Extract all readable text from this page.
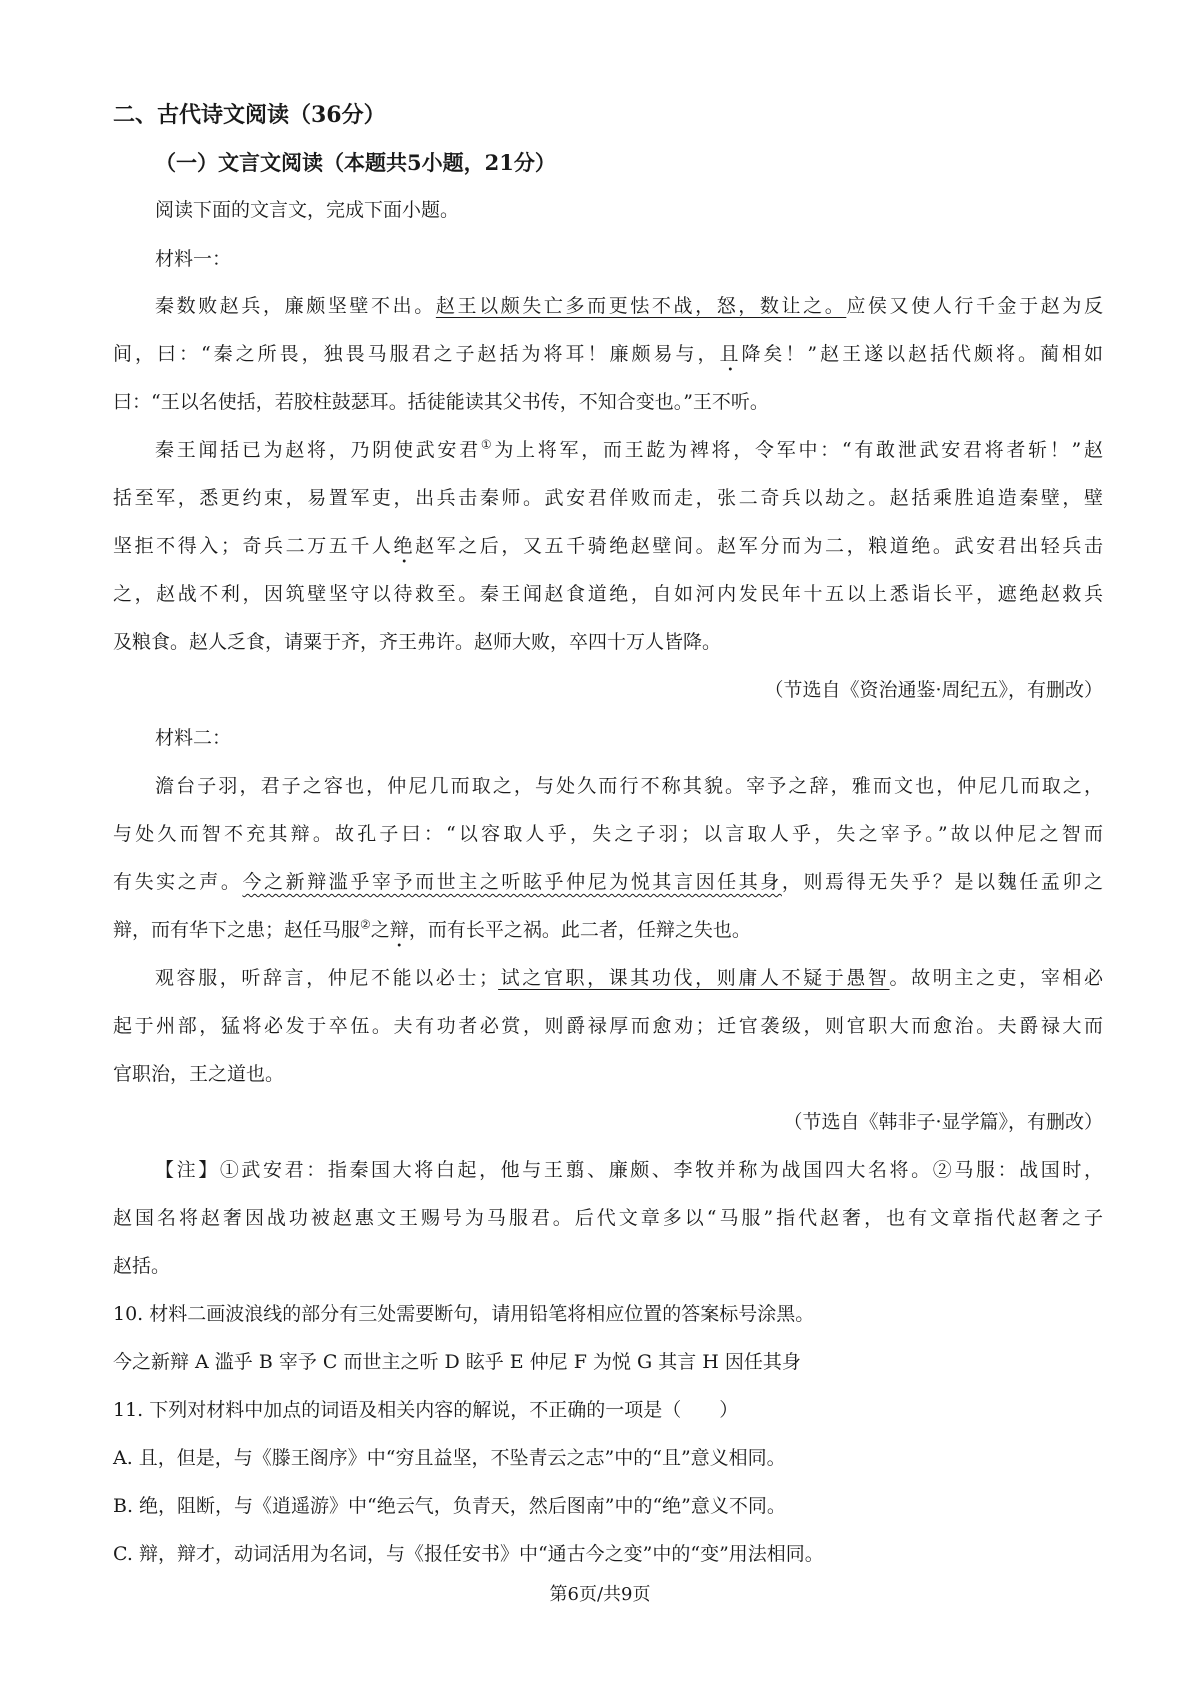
二、古代诗文阅读（36分）
（一）文言文阅读（本题共5小题，21分）
阅读下面的文言文，完成下面小题。
材料一：
秦数败赵兵，廉颇坚壁不出。赵王以颇失亡多而更怯不战，怒，数让之。应侯又使人行千金于赵为反
间，曰：“秦之所畏，独畏马服君之子赵括为将耳！廉颇易与，且降矣！”赵王遂以赵括代颇将。蔺相如
曰：“王以名使括，若胶柱鼓瑟耳。括徒能读其父书传，不知合变也。”王不听。
秦王闻括已为赵将，乃阴使武安君①为上将军，而王龁为裨将，令军中：“有敢泄武安君将者斩！”赵
括至军，悉更约束，易置军吏，出兵击秦师。武安君佯败而走，张二奇兵以劫之。赵括乘胜追造秦壁，壁
坚拒不得入；奇兵二万五千人绝赵军之后，又五千骑绝赵壁间。赵军分而为二，粮道绝。武安君出轻兵击
之，赵战不利，因筑壁坚守以待救至。秦王闻赵食道绝，自如河内发民年十五以上悉诣长平，遮绝赵救兵
及粮食。赵人乏食，请粟于齐，齐王弗许。赵师大败，卒四十万人皆降。
（节选自《资治通鉴·周纪五》，有删改）
材料二：
澹台子羽，君子之容也，仲尼几而取之，与处久而行不称其貌。宰予之辞，雅而文也，仲尼几而取之，
与处久而智不充其辩。故孔子曰：“以容取人乎，失之子羽；以言取人乎，失之宰予。”故以仲尼之智而
有失实之声。今之新辩滥乎宰予而世主之听眩乎仲尼为悦其言因任其身，则焉得无失乎？是以魏任孟卯之
辩，而有华下之患；赵任马服②之辩，而有长平之祸。此二者，任辩之失也。
观容服，听辞言，仲尼不能以必士；试之官职，课其功伐，则庸人不疑于愚智。故明主之吏，宰相必
起于州部，猛将必发于卒伍。夫有功者必赏，则爵禄厚而愈劝；迁官袭级，则官职大而愈治。夫爵禄大而
官职治，王之道也。
（节选自《韩非子·显学篇》，有删改）
【注】①武安君：指秦国大将白起，他与王翦、廉颇、李牧并称为战国四大名将。②马服：战国时，
赵国名将赵奢因战功被赵惠文王赐号为马服君。后代文章多以“马服”指代赵奢，也有文章指代赵奢之子
赵括。
10. 材料二画波浪线的部分有三处需要断句，请用铅笔将相应位置的答案标号涂黑。
今之新辩 A 滥乎 B 宰予 C 而世主之听 D 眩乎 E 仲尼 F 为悦 G 其言 H 因任其身
11. 下列对材料中加点的词语及相关内容的解说，不正确的一项是（　　）
A. 且，但是，与《滕王阁序》中“穷且益坚，不坠青云之志”中的“且”意义相同。
B. 绝，阻断，与《逍遥游》中“绝云气，负青天，然后图南”中的“绝”意义不同。
C. 辩，辩才，动词活用为名词，与《报任安书》中“通古今之变”中的“变”用法相同。
第6页/共9页
